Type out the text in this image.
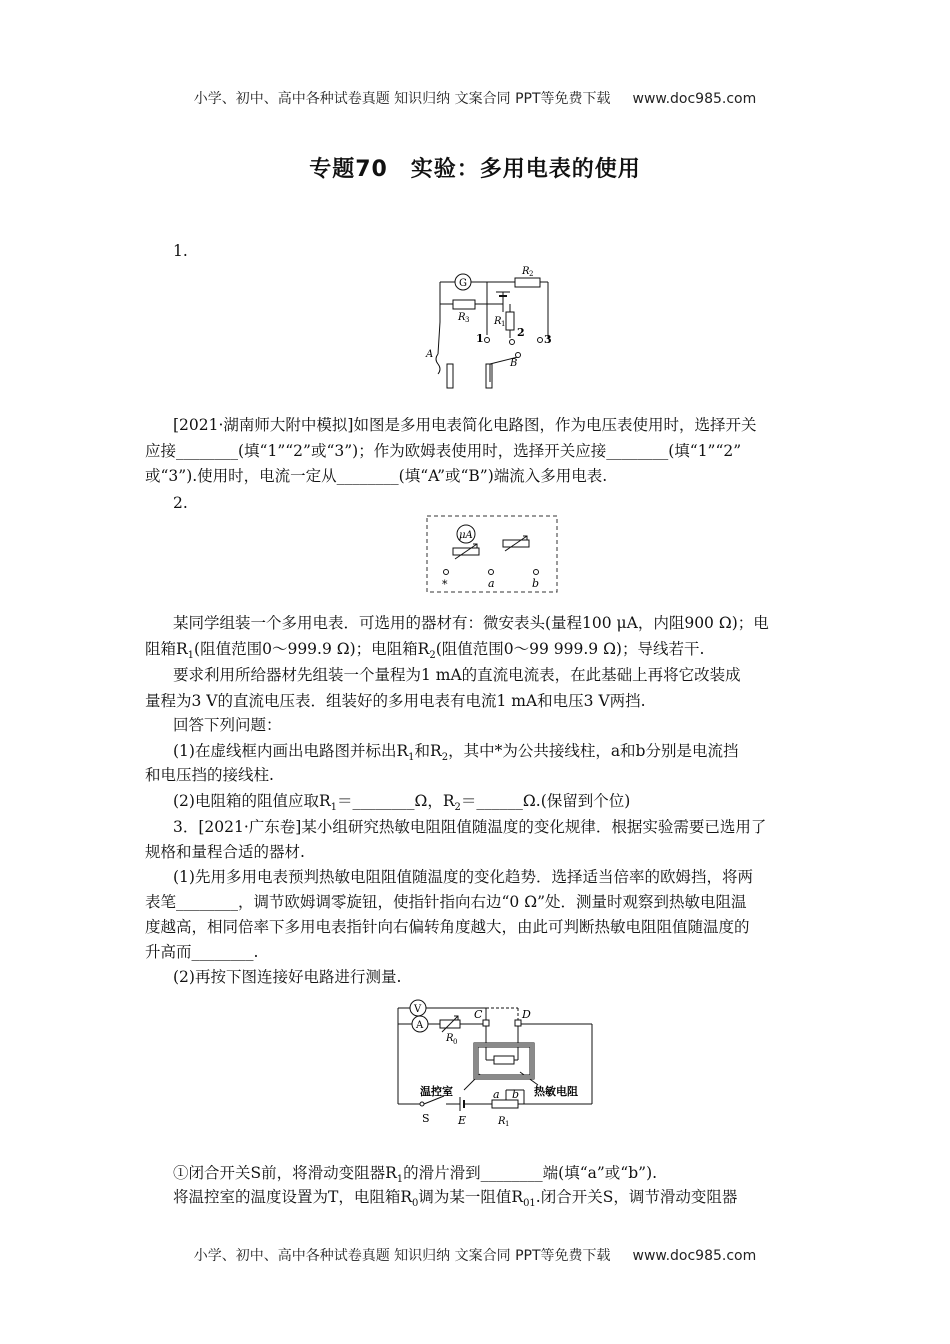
小学、初中、高中各种试卷真题 知识归纳 文案合同 PPT等免费下载 www.doc985.com
专题70　实验：多用电表的使用
1.
G
R 2
R 3 R 1
1	2
3
A
B
[2021·湖南师大附中模拟]如图是多用电表简化电路图，作为电压表使用时，选择开关
应接________(填“1”“2”或“3”)；作为欧姆表使用时，选择开关应接________(填“1”“2”
或“3”).使用时，电流一定从________(填“A”或“B”)端流入多用电表.
2.
μA
*	a	b
某同学组装一个多用电表．可选用的器材有：微安表头(量程100 μA，内阻900 Ω)；电
阻箱$R_1$(阻值范围0～999.9 Ω)；电阻箱$R_2$(阻值范围0～99 999.9 Ω)；导线若干.
要求利用所给器材先组装一个量程为1 mA的直流电流表，在此基础上再将它改装成
量程为3 V的直流电压表．组装好的多用电表有电流1 mA和电压3 V两挡.
回答下列问题：
(1)在虚线框内画出电路图并标出$R_1$和$R_2$，其中*为公共接线柱，a和b分别是电流挡
和电压挡的接线柱.
(2)电阻箱的阻值应取$R_1=\_\_\_\_\_\_\_\_\Omega$，$R_2=\_\_\_\_\_\_\Omega$.(保留到个位)
3．[2021·广东卷]某小组研究热敏电阻阻值随温度的变化规律．根据实验需要已选用了
规格和量程合适的器材.
(1)先用多用电表预判热敏电阻阻值随温度的变化趋势．选择适当倍率的欧姆挡，将两
表笔________，调节欧姆调零旋钮，使指针指向右边“0 Ω”处．测量时观察到热敏电阻温
度越高，相同倍率下多用电表指针向右偏转角度越大，由此可判断热敏电阻阻值随温度的
升高而________.
(2)再按下图连接好电路进行测量.
V
A
R 0
C	D
温控室	热敏电阻
S	E
a b
R 1
①闭合开关S前，将滑动变阻器$R_1$的滑片滑到________端(填“a”或“b”).
将温控室的温度设置为T，电阻箱$R_0$调为某一阻值$R_{01}$.闭合开关S，调节滑动变阻器
小学、初中、高中各种试卷真题 知识归纳 文案合同 PPT等免费下载 www.doc985.com
